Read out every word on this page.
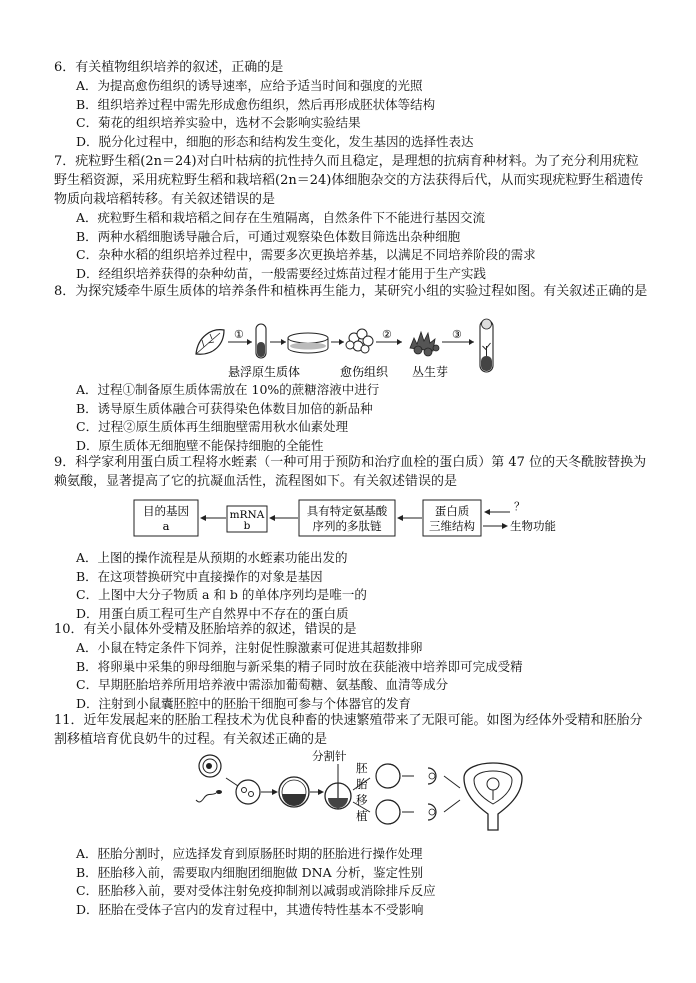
6．有关植物组织培养的叙述，正确的是

A．为提高愈伤组织的诱导速率，应给予适当时间和强度的光照

B．组织培养过程中需先形成愈伤组织，然后再形成胚状体等结构

C．菊花的组织培养实验中，选材不会影响实验结果

D．脱分化过程中，细胞的形态和结构发生变化，发生基因的选择性表达

7．疣粒野生稻(2n＝24)对白叶枯病的抗性持久而且稳定，是理想的抗病育种材料。为了充分利用疣粒野生稻资源，采用疣粒野生稻和栽培稻(2n＝24)体细胞杂交的方法获得后代，从而实现疣粒野生稻遗传物质向栽培稻转移。有关叙述错误的是

A．疣粒野生稻和栽培稻之间存在生殖隔离，自然条件下不能进行基因交流

B．两种水稻细胞诱导融合后，可通过观察染色体数目筛选出杂种细胞

C．杂种水稻的组织培养过程中，需要多次更换培养基，以满足不同培养阶段的需求

D．经组织培养获得的杂种幼苗，一般需要经过炼苗过程才能用于生产实践

8．为探究矮牵牛原生质体的培养条件和植株再生能力，某研究小组的实验过程如图。有关叙述正确的是

①	②	③
悬浮原生质体	愈伤组织 丛生芽

A．过程①制备原生质体需放在 10%的蔗糖溶液中进行

B．诱导原生质体融合可获得染色体数目加倍的新品种

C．过程②原生质体再生细胞壁需用秋水仙素处理

D．原生质体无细胞壁不能保持细胞的全能性

9．科学家利用蛋白质工程将水蛭素（一种可用于预防和治疗血栓的蛋白质）第 47 位的天冬酰胺替换为赖氨酸，显著提高了它的抗凝血活性，流程图如下。有关叙述错误的是

目的基因
a
mRNA
b
具有特定氨基酸
序列的多肽链
蛋白质
三维结构
？
生物功能

A．上图的操作流程是从预期的水蛭素功能出发的

B．在这项替换研究中直接操作的对象是基因

C．上图中大分子物质 a 和 b 的单体序列均是唯一的

D．用蛋白质工程可生产自然界中不存在的蛋白质

10．有关小鼠体外受精及胚胎培养的叙述，错误的是

A．小鼠在特定条件下饲养，注射促性腺激素可促进其超数排卵

B．将卵巢中采集的卵母细胞与新采集的精子同时放在获能液中培养即可完成受精

C．早期胚胎培养所用培养液中需添加葡萄糖、氨基酸、血清等成分

D．注射到小鼠囊胚腔中的胚胎干细胞可参与个体器官的发育

11．近年发展起来的胚胎工程技术为优良种畜的快速繁殖带来了无限可能。如图为经体外受精和胚胎分割移植培育优良奶牛的过程。有关叙述正确的是

分割针
胚
胎
移
植

A．胚胎分割时，应选择发育到原肠胚时期的胚胎进行操作处理

B．胚胎移入前，需要取内细胞团细胞做 DNA 分析，鉴定性别

C．胚胎移入前，要对受体注射免疫抑制剂以减弱或消除排斥反应

D．胚胎在受体子宫内的发育过程中，其遗传特性基本不受影响
